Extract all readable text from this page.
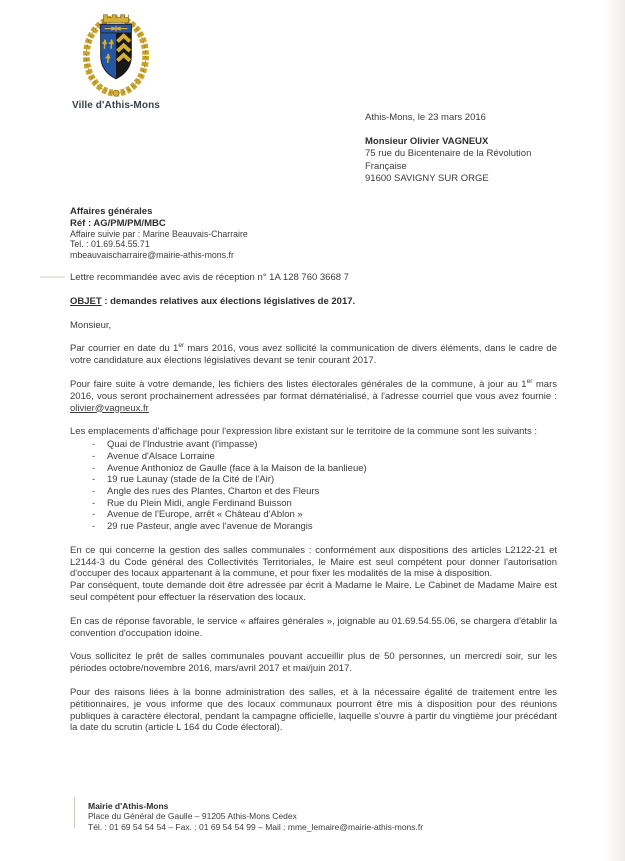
Ville d'Athis-Mons
Athis-Mons, le 23 mars 2016
Monsieur Olivier VAGNEUX
75 rue du Bicentenaire de la Révolution
Française
91600 SAVIGNY SUR ORGE
Affaires générales
Réf : AG/PM/PM/MBC
Affaire suivie par : Marine Beauvais-Charraire
Tel. : 01.69.54.55.71
mbeauvaischarraire@mairie-athis-mons.fr

Lettre recommandée avec avis de réception n° 1A 128 760 3668 7

OBJET : demandes relatives aux élections législatives de 2017.

Monsieur,

Par courrier en date du 1er mars 2016, vous avez sollicité la communication de divers éléments, dans le cadre de votre candidature aux élections législatives devant se tenir courant 2017.

Pour faire suite à votre demande, les fichiers des listes électorales générales de la commune, à jour au 1er mars 2016, vous seront prochainement adressées par format dématérialisé, à l'adresse courriel que vous avez fournie : olivier@vagneux.fr

Les emplacements d'affichage pour l'expression libre existant sur le territoire de la commune sont les suivants :

-	Quai de l'Industrie avant (l'impasse)
-	Avenue d'Alsace Lorraine
-	Avenue Anthonioz de Gaulle (face à la Maison de la banlieue)
-	19 rue Launay (stade de la Cité de l'Air)
-	Angle des rues des Plantes, Charton et des Fleurs
-	Rue du Plein Midi, angle Ferdinand Buisson
-	Avenue de l'Europe, arrêt « Château d'Ablon »
-	29 rue Pasteur, angle avec l'avenue de Morangis

En ce qui concerne la gestion des salles communales : conformément aux dispositions des articles L2122-21 et L2144-3 du Code général des Collectivités Territoriales, le Maire est seul compétent pour donner l'autorisation d'occuper des locaux appartenant à la commune, et pour fixer les modalités de la mise à disposition.
Par conséquent, toute demande doit être adressée par écrit à Madame le Maire. Le Cabinet de Madame Maire est seul compétent pour effectuer la réservation des locaux.

En cas de réponse favorable, le service « affaires générales », joignable au 01.69.54.55.06, se chargera d'établir la convention d'occupation idoine.

Vous sollicitez le prêt de salles communales pouvant accueillir plus de 50 personnes, un mercredi soir, sur les périodes octobre/novembre 2016, mars/avril 2017 et mai/juin 2017.

Pour des raisons liées à la bonne administration des salles, et à la nécessaire égalité de traitement entre les pétitionnaires, je vous informe que des locaux communaux pourront être mis à disposition pour des réunions publiques à caractère électoral, pendant la campagne officielle, laquelle s'ouvre à partir du vingtième jour précédant la date du scrutin (article L 164 du Code électoral).

Mairie d'Athis-Mons
Place du Général de Gaulle – 91205 Athis-Mons Cedex
Tél. : 01 69 54 54 54 – Fax. : 01 69 54 54 99 – Mail : mme_lemaire@mairie-athis-mons.fr
